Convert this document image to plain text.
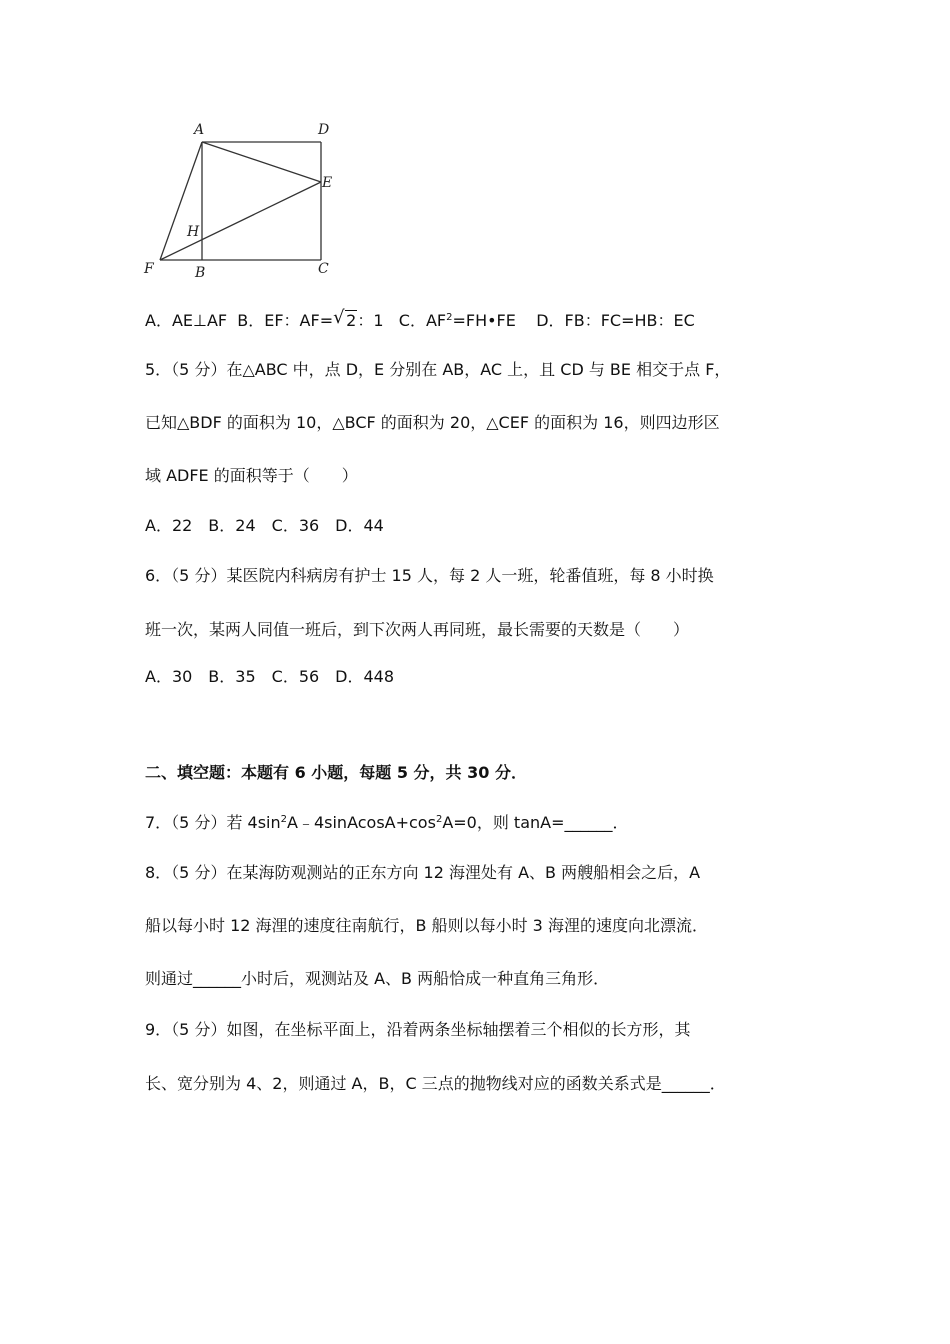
A	D
E
H
F	B	C
A．AE⊥AF B．EF：AF= √ 2：1 C．$AF^2=FH•FE$ D．FB：FC=HB：EC
5．（5 分）在△ABC 中，点 D，E 分别在 AB，AC 上，且 CD 与 BE 相交于点 F，
已知△BDF 的面积为 10，△BCF 的面积为 20，△CEF 的面积为 16，则四边形区
域 ADFE 的面积等于（　　）
A．22　B．24　C．36　D．44
6．（5 分）某医院内科病房有护士 15 人，每 2 人一班，轮番值班，每 8 小时换
班一次，某两人同值一班后，到下次两人再同班，最长需要的天数是（　　）
A．30　B．35　C．56　D．448
二、填空题：本题有 6 小题，每题 5 分，共 30 分．
7．（5 分）若 $4\sin^2A﹣4sinAcosA+\cos^2A=0$，则 tanA=______．
8．（5 分）在某海防观测站的正东方向 12 海浬处有 A、B 两艘船相会之后，A
船以每小时 12 海浬的速度往南航行，B 船则以每小时 3 海浬的速度向北漂流．
则通过______小时后，观测站及 A、B 两船恰成一种直角三角形．
9．（5 分）如图，在坐标平面上，沿着两条坐标轴摆着三个相似的长方形，其
长、宽分别为 4、2，则通过 A，B，C 三点的抛物线对应的函数关系式是______．
